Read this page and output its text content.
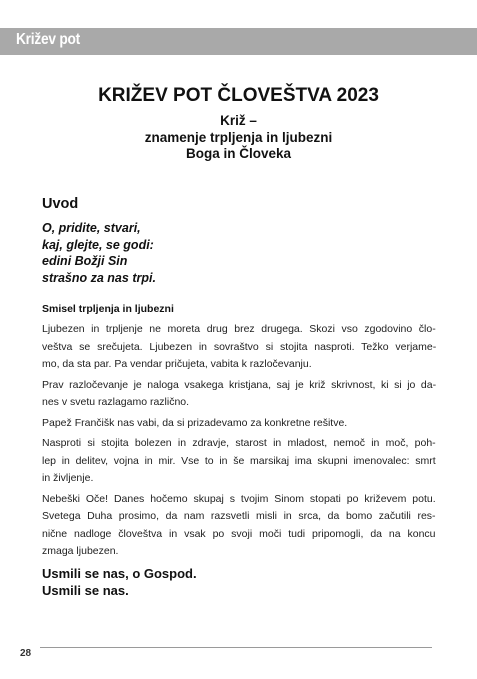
Križev pot
KRIŽEV POT ČLOVEŠTVA 2023
Križ –
znamenje trpljenja in ljubezni
Boga in Človeka
Uvod
O, pridite, stvari,
kaj, glejte, se godi:
edini Božji Sin
strašno za nas trpi.
Smisel trpljenja in ljubezni
Ljubezen in trpljenje ne moreta drug brez drugega. Skozi vso zgodovino člo-
veštva se srečujeta. Ljubezen in sovraštvo si stojita nasproti. Težko verjame-
mo, da sta par. Pa vendar pričujeta, vabita k razločevanju.
Prav razločevanje je naloga vsakega kristjana, saj je križ skrivnost, ki si jo da-
nes v svetu razlagamo različno.
Papež Frančišk nas vabi, da si prizadevamo za konkretne rešitve.
Nasproti si stojita bolezen in zdravje, starost in mladost, nemoč in moč, poh-
lep in delitev, vojna in mir. Vse to in še marsikaj ima skupni imenovalec: smrt
in življenje.
Nebeški Oče! Danes hočemo skupaj s tvojim Sinom stopati po križevem potu.
Svetega Duha prosimo, da nam razsvetli misli in srca, da bomo začutili res-
nične nadloge človeštva in vsak po svoji moči tudi pripomogli, da na koncu
zmaga ljubezen.
Usmili se nas, o Gospod.
Usmili se nas.
28
